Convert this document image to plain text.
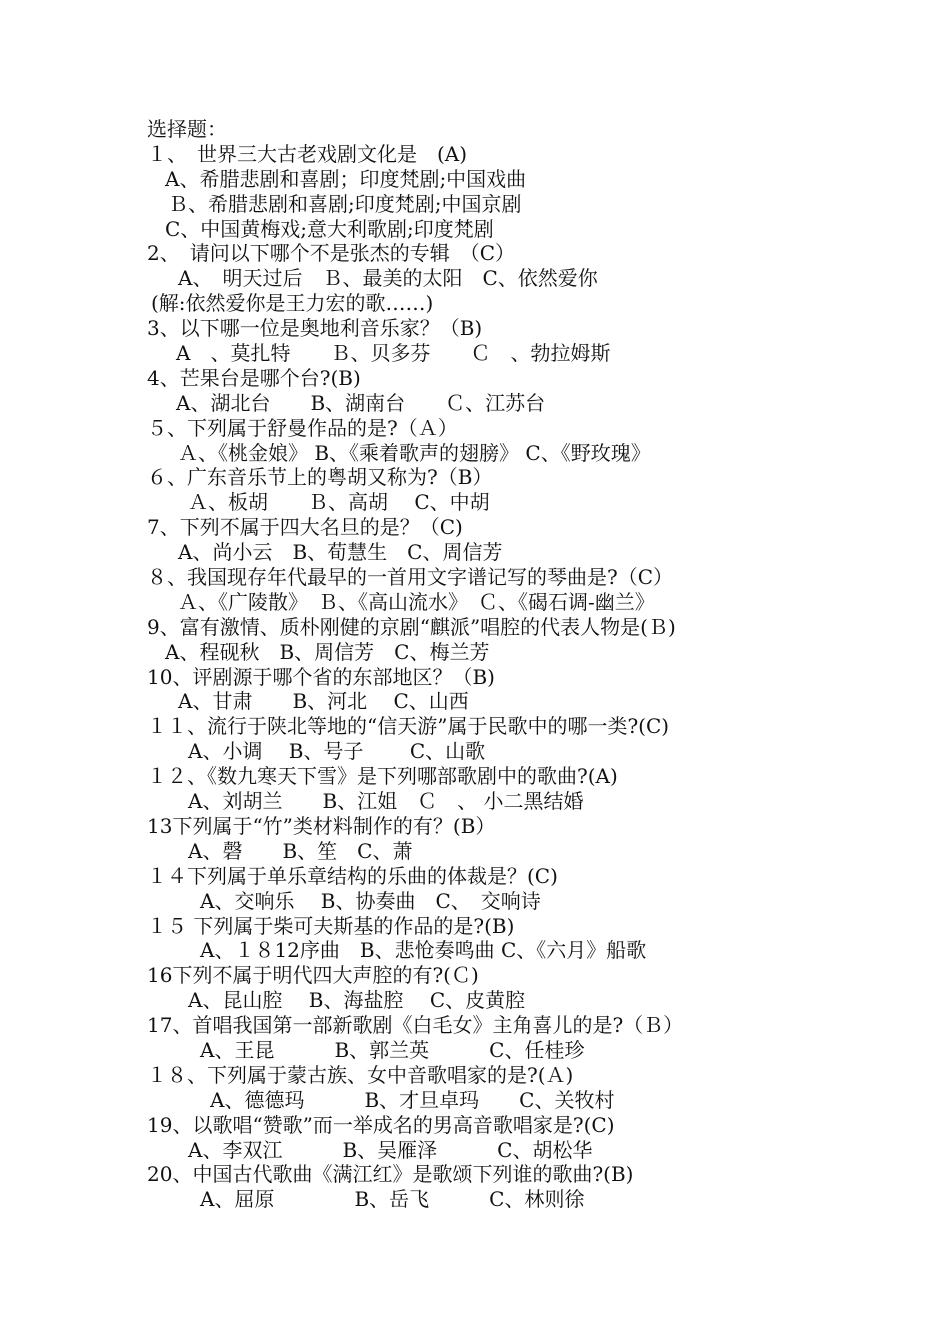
选择题：
１、　世界三大古老戏剧文化是　(A)
A、希腊悲剧和喜剧；印度梵剧;中国戏曲
Ｂ、希腊悲剧和喜剧;印度梵剧;中国京剧
C、中国黄梅戏;意大利歌剧;印度梵剧
2、　请问以下哪个不是张杰的专辑　（C）
A、　明天过后　Ｂ、最美的太阳　C、依然爱你
(解:依然爱你是王力宏的歌……)
3、以下哪一位是奥地利音乐家？（B)
A　、莫扎特　　Ｂ、贝多芬　　Ｃ　、勃拉姆斯
4、芒果台是哪个台?(B)
A、湖北台　　B、湖南台　　Ｃ、江苏台
５、下列属于舒曼作品的是?（Ａ）
Ａ、《桃金娘》 B、《乘着歌声的翅膀》 C、《野玫瑰》
６、广东音乐节上的粤胡又称为?（B）
Ａ、板胡　　Ｂ、高胡　 C、中胡
7、下列不属于四大名旦的是？（C)
A、尚小云　B、荀慧生　C、周信芳
８、我国现存年代最早的一首用文字谱记写的琴曲是?（C）
Ａ、《广陵散》　Ｂ、《高山流水》　Ｃ、《碣石调-幽兰》
9、富有激情、质朴刚健的京剧“麒派”唱腔的代表人物是(Ｂ)
A、程砚秋　B、周信芳　C、梅兰芳
10、评剧源于哪个省的东部地区？（B)
A、甘肃　　B、河北　 C、山西
１１、流行于陕北等地的“信天游”属于民歌中的哪一类?(C)
A、小调　 B、号子　　 C、山歌
１２、《数九寒天下雪》是下列哪部歌剧中的歌曲?(A)
A、刘胡兰　　B、江姐　Ｃ　、 小二黑结婚
13下列属于“竹”类材料制作的有？(B）
A、磬　　B、笙　C、萧
１４下列属于单乐章结构的乐曲的体裁是？(C)
A、交响乐　 B、协奏曲　C、　交响诗
１５ 下列属于柴可夫斯基的作品的是?(B)
A、１８12序曲　B、悲怆奏鸣曲 C、《六月》船歌
16下列不属于明代四大声腔的有?(Ｃ)
A、昆山腔　 B、海盐腔　 C、皮黄腔
17、首唱我国第一部新歌剧《白毛女》主角喜儿的是?（Ｂ）
A、王昆　　　B、郭兰英　　　C、任桂珍
１８、下列属于蒙古族、女中音歌唱家的是?(Ａ)
A、德德玛　　　B、才旦卓玛　　C、关牧村
19、以歌唱“赞歌”而一举成名的男高音歌唱家是?(C)
A、李双江　　　B、吴雁泽　　　C、胡松华
20、中国古代歌曲《满江红》是歌颂下列谁的歌曲?(B)
A、屈原　　　　B、岳飞　　　C、林则徐
